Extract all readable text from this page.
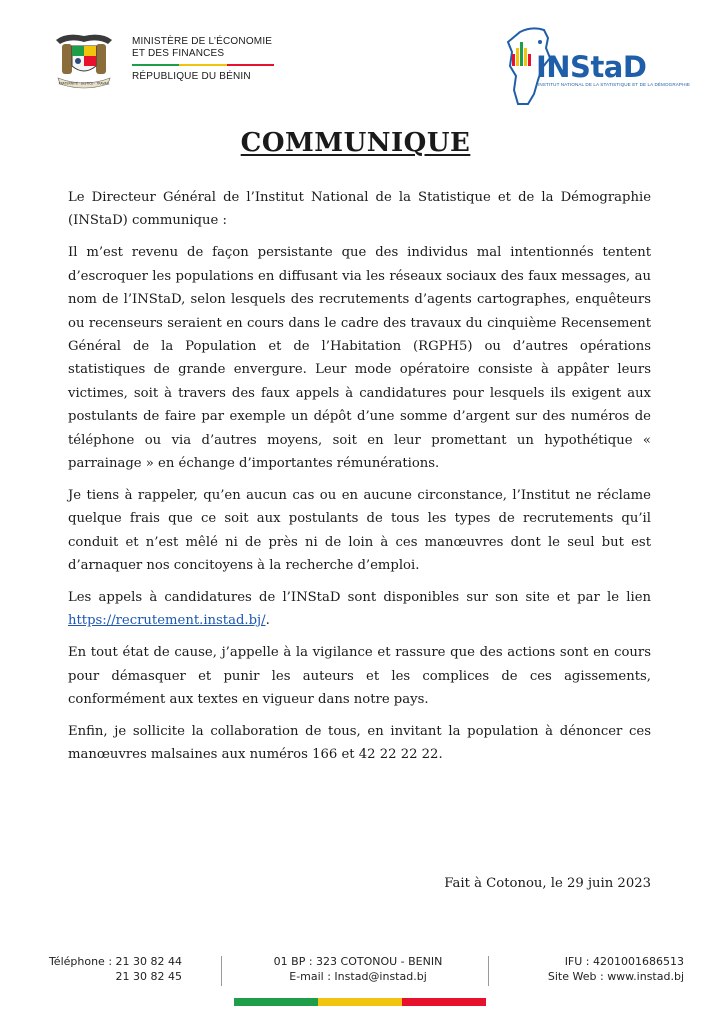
FRATERNITÉ · JUSTICE · TRAVAIL
MINISTÈRE DE L’ÉCONOMIE
ET DES FINANCES
RÉPUBLIQUE DU BÉNIN	INStaD
INSTITUT NATIONAL DE LA STATISTIQUE ET DE LA DÉMOGRAPHIE
COMMUNIQUE

Le Directeur Général de l’Institut National de la Statistique et de la Démographie (INStaD) communique :

Il m’est revenu de façon persistante que des individus mal intentionnés tentent d’escroquer les populations en diffusant via les réseaux sociaux des faux messages, au nom de l’INStaD, selon lesquels des recrutements d’agents cartographes, enquêteurs ou recenseurs seraient en cours dans le cadre des travaux du cinquième Recensement Général de la Population et de l’Habitation (RGPH5) ou d’autres opérations statistiques de grande envergure. Leur mode opératoire consiste à appâter leurs victimes, soit à travers des faux appels à candidatures pour lesquels ils exigent aux postulants de faire par exemple un dépôt d’une somme d’argent sur des numéros de téléphone ou via d’autres moyens, soit en leur promettant un hypothétique « parrainage » en échange d’importantes rémunérations.

Je tiens à rappeler, qu’en aucun cas ou en aucune circonstance, l’Institut ne réclame quelque frais que ce soit aux postulants de tous les types de recrutements qu’il conduit et n’est mêlé ni de près ni de loin à ces manœuvres dont le seul but est d’arnaquer nos concitoyens à la recherche d’emploi.

Les appels à candidatures de l’INStaD sont disponibles sur son site et par le lien https://recrutement.instad.bj/.

En tout état de cause, j’appelle à la vigilance et rassure que des actions sont en cours pour démasquer et punir les auteurs et les complices de ces agissements, conformément aux textes en vigueur dans notre pays.

Enfin, je sollicite la collaboration de tous, en invitant la population à dénoncer ces manœuvres malsaines aux numéros 166 et 42 22 22 22.

Fait à Cotonou, le 29 juin 2023
Téléphone : 21 30 82 44
21 30 82 45
01 BP : 323 COTONOU - BENIN
E-mail : Instad@instad.bj
IFU : 4201001686513
Site Web : www.instad.bj
